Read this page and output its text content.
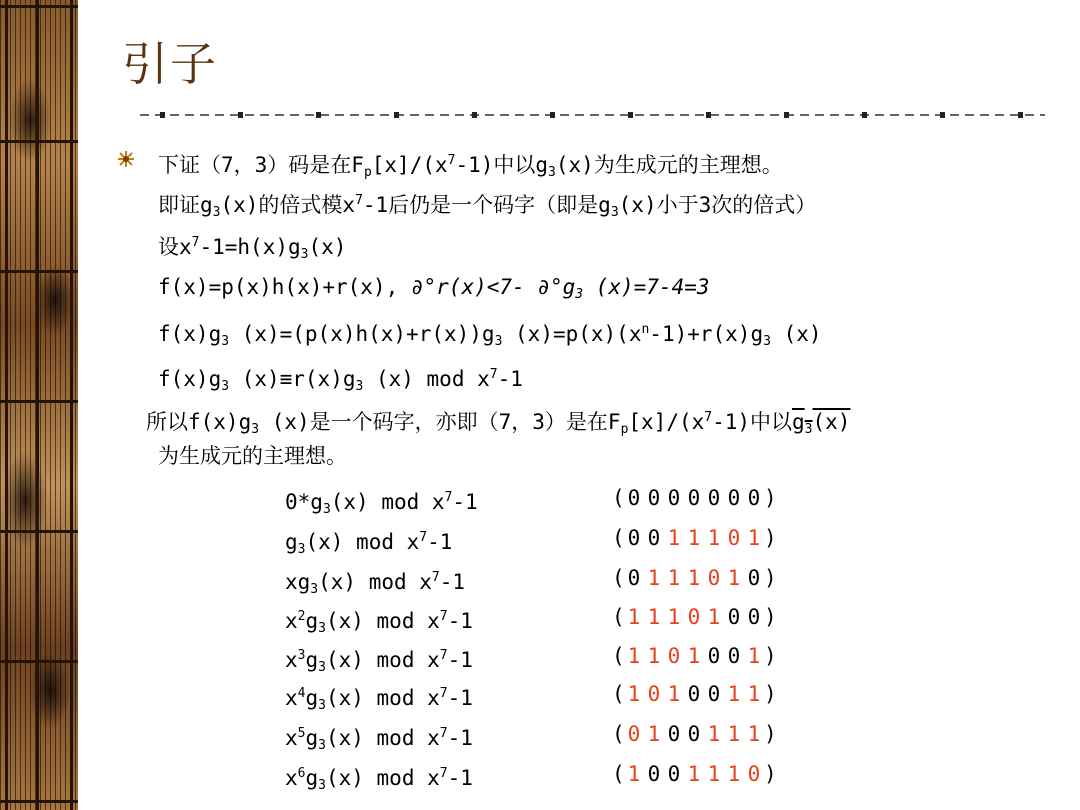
引子
下证（7，3）码是在$F_p[x]/(x^7-1)$中以$g_3(x)$为生成元的主理想。
即证$g_3(x)$的倍式模$x^7-1$后仍是一个码字（即是$g_3(x)$小于3次的倍式）
设$x^7-1=h(x)g_3(x)$
f(x)=p(x)h(x)+r(x), ∂°r(x)<7- $\partial^\circ g_3$ (x)=7-4=3
$f(x)g_3$ $(x)=(p(x)h(x)+r(x))g_3$ $(x)=p(x)(x^n-1)+r(x)g_3$ (x)
$f(x)g_3$ $(x)\equiv r(x)g_3$ (x) mod $x^7-1$
所以$f(x)g_3$ (x)是一个码字，亦即（7，3）是在$F_p[x]/(x^7-1)$中以$g_3(x)$
为生成元的主理想。
$0*g_3(x)$ mod $x^7-1$	( 0 0 0 0 0 0 0 )
$g_3(x)$ mod $x^7-1$	( 0 0 1 1 1 0 1 )
$xg_3(x)$ mod $x^7-1$	( 0 1 1 1 0 1 0 )
$x^2g_3(x)$ mod $x^7-1$	( 1 1 1 0 1 0 0 )
$x^3g_3(x)$ mod $x^7-1$	( 1 1 0 1 0 0 1 )
$x^4g_3(x)$ mod $x^7-1$	( 1 0 1 0 0 1 1 )
$x^5g_3(x)$ mod $x^7-1$	( 0 1 0 0 1 1 1 )
$x^6g_3(x)$ mod $x^7-1$	( 1 0 0 1 1 1 0 )
